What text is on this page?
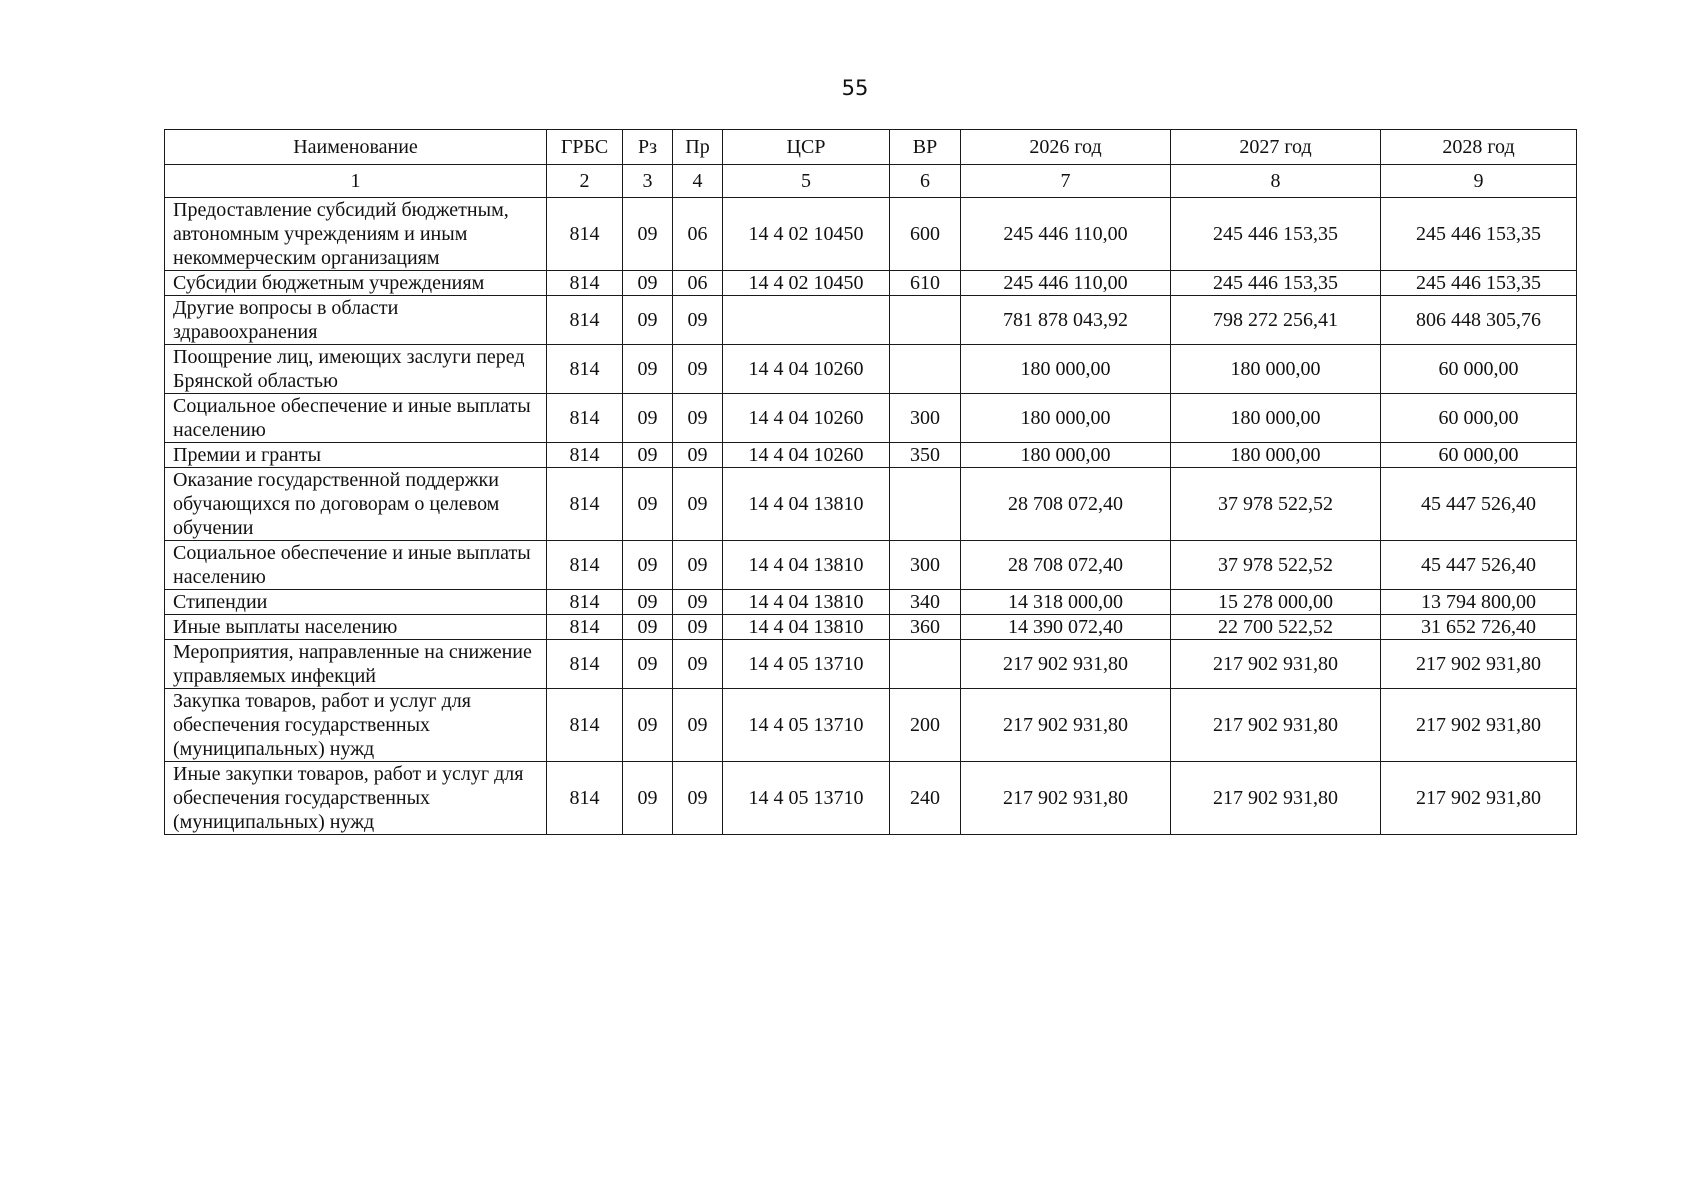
55
Наименование	ГРБС	Рз	Пр	ЦСР	ВР	2026 год	2027 год	2028 год
1	2	3	4	5	6	7	8	9
Предоставление субсидий бюджетным, автономным учреждениям и иным некоммерческим организациям	814	09	06	14 4 02 10450	600	245 446 110,00	245 446 153,35	245 446 153,35
Субсидии бюджетным учреждениям	814	09	06	14 4 02 10450	610	245 446 110,00	245 446 153,35	245 446 153,35
Другие вопросы в области здравоохранения	814	09	09			781 878 043,92	798 272 256,41	806 448 305,76
Поощрение лиц, имеющих заслуги перед Брянской областью	814	09	09	14 4 04 10260		180 000,00	180 000,00	60 000,00
Социальное обеспечение и иные выплаты населению	814	09	09	14 4 04 10260	300	180 000,00	180 000,00	60 000,00
Премии и гранты	814	09	09	14 4 04 10260	350	180 000,00	180 000,00	60 000,00
Оказание государственной поддержки обучающихся по договорам о целевом обучении	814	09	09	14 4 04 13810		28 708 072,40	37 978 522,52	45 447 526,40
Социальное обеспечение и иные выплаты населению	814	09	09	14 4 04 13810	300	28 708 072,40	37 978 522,52	45 447 526,40
Стипендии	814	09	09	14 4 04 13810	340	14 318 000,00	15 278 000,00	13 794 800,00
Иные выплаты населению	814	09	09	14 4 04 13810	360	14 390 072,40	22 700 522,52	31 652 726,40
Мероприятия, направленные на снижение управляемых инфекций	814	09	09	14 4 05 13710		217 902 931,80	217 902 931,80	217 902 931,80
Закупка товаров, работ и услуг для обеспечения государственных (муниципальных) нужд	814	09	09	14 4 05 13710	200	217 902 931,80	217 902 931,80	217 902 931,80
Иные закупки товаров, работ и услуг для обеспечения государственных (муниципальных) нужд	814	09	09	14 4 05 13710	240	217 902 931,80	217 902 931,80	217 902 931,80
